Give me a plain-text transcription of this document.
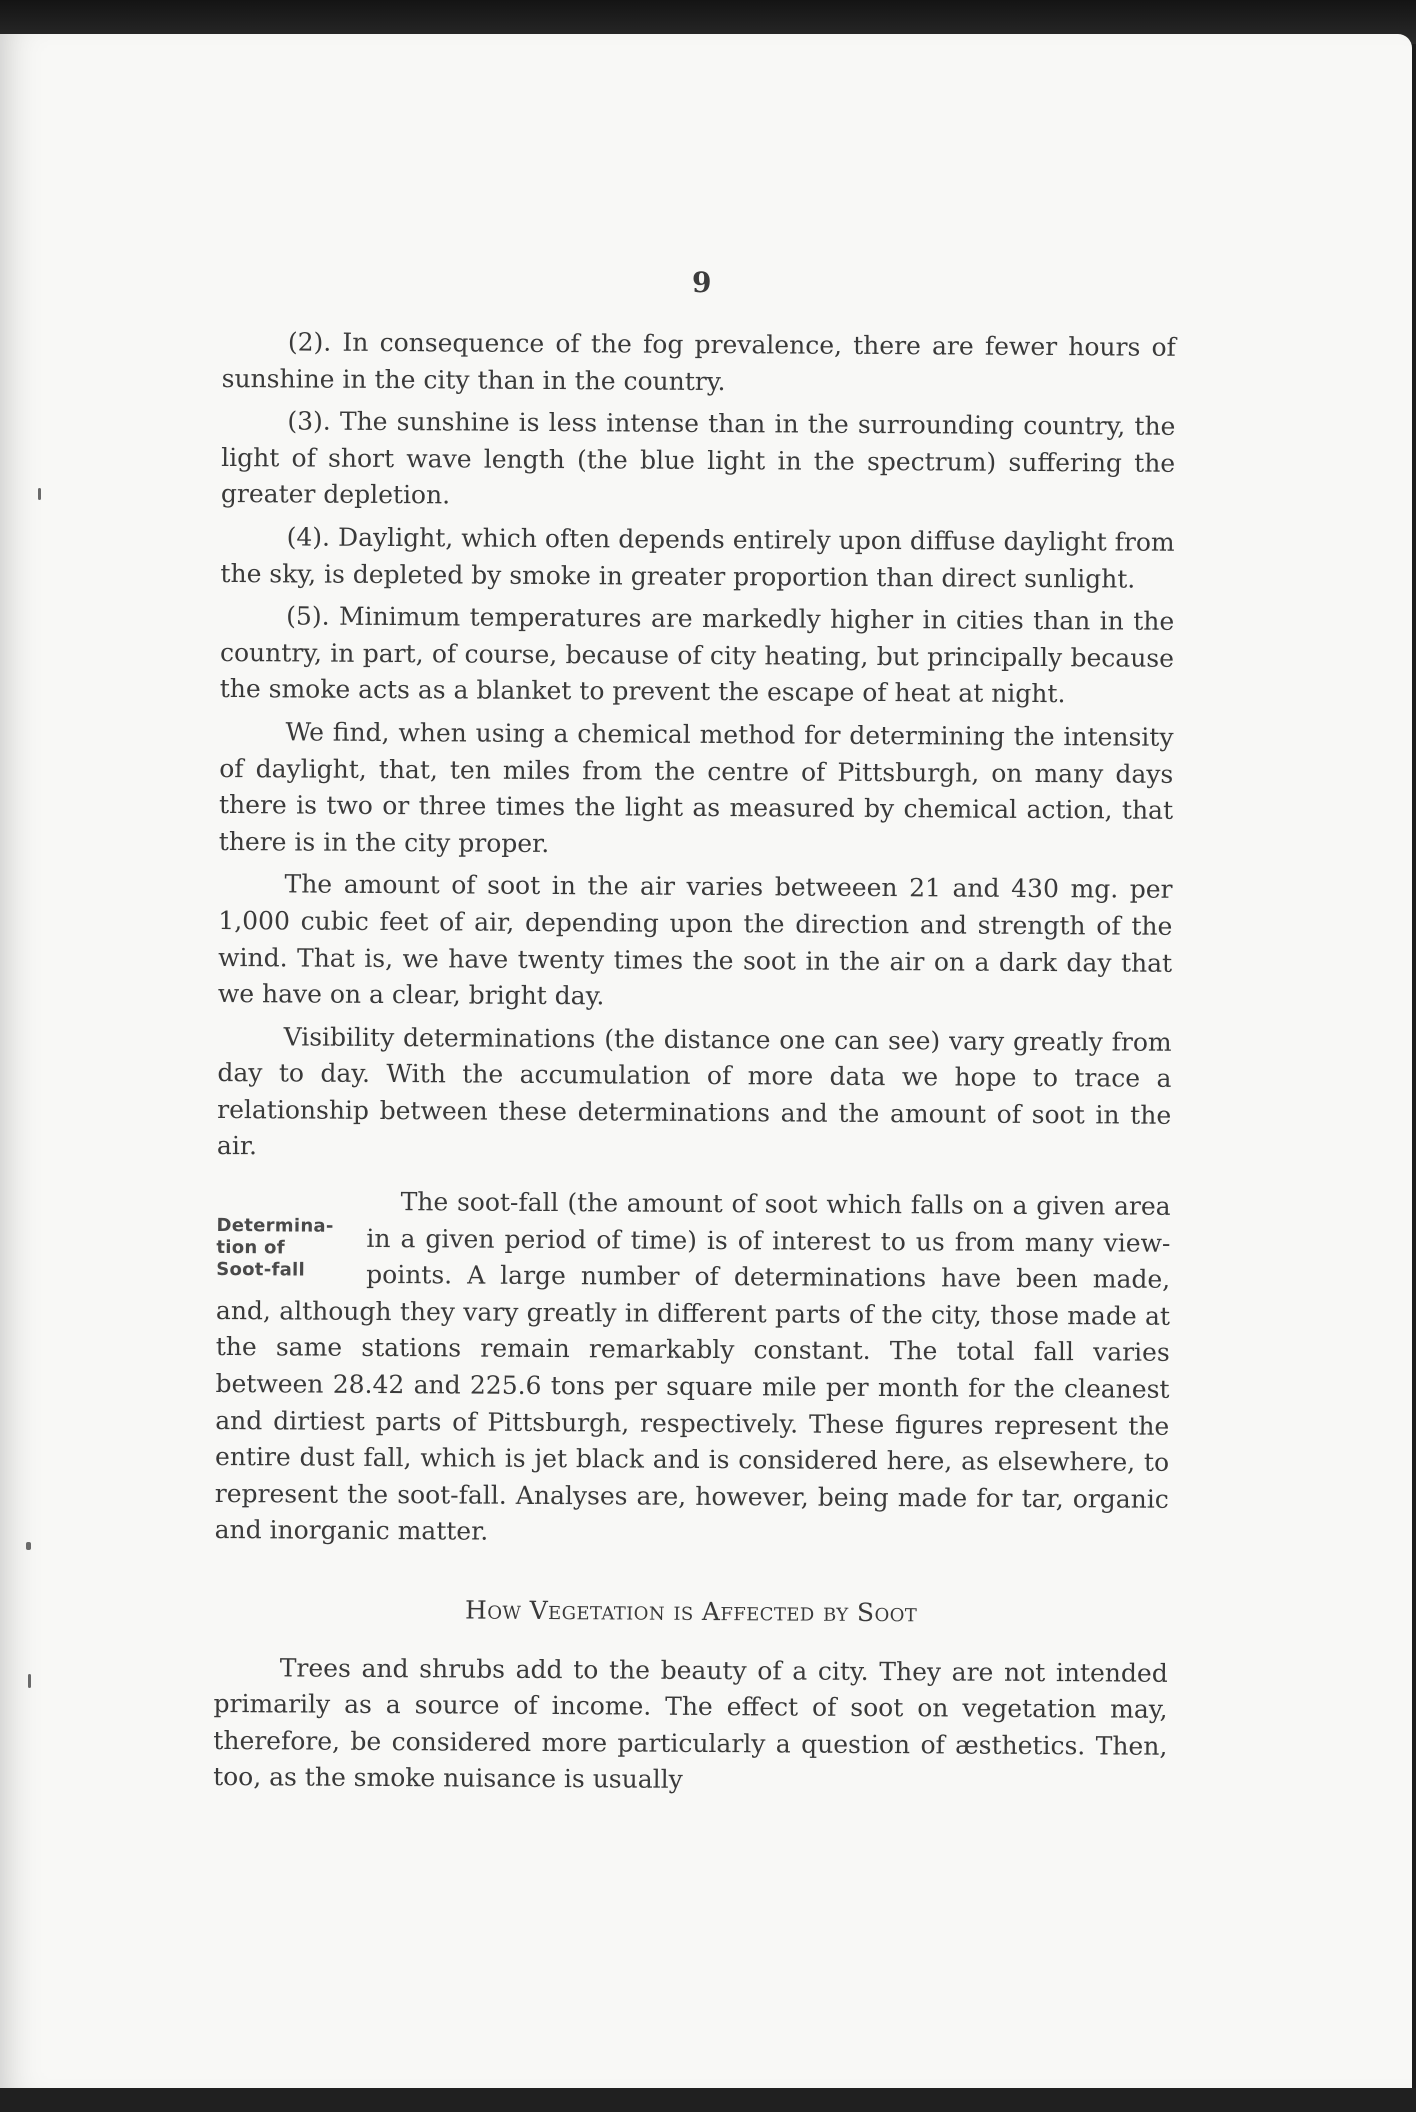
9

(2). In consequence of the fog prevalence, there are fewer hours of sunshine in the city than in the country.

(3). The sunshine is less intense than in the surrounding country, the light of short wave length (the blue light in the spectrum) suffering the greater depletion.

(4). Daylight, which often depends entirely upon diffuse daylight from the sky, is depleted by smoke in greater proportion than direct sunlight.

(5). Minimum temperatures are markedly higher in cities than in the country, in part, of course, because of city heating, but principally because the smoke acts as a blanket to prevent the escape of heat at night.

We find, when using a chemical method for determining the intensity of daylight, that, ten miles from the centre of Pittsburgh, on many days there is two or three times the light as measured by chemical action, that there is in the city proper.

The amount of soot in the air varies betweeen 21 and 430 mg. per 1,000 cubic feet of air, depending upon the direction and strength of the wind. That is, we have twenty times the soot in the air on a dark day that we have on a clear, bright day.

Visibility determinations (the distance one can see) vary greatly from day to day. With the accumulation of more data we hope to trace a relationship between these determinations and the amount of soot in the air.

Determina-
tion of
Soot-fall

The soot-fall (the amount of soot which falls on a given area in a given period of time) is of interest to us from many view-points. A large number of determinations have been made, and, although they vary greatly in different parts of the city, those made at the same stations remain remarkably constant. The total fall varies between 28.42 and 225.6 tons per square mile per month for the cleanest and dirtiest parts of Pittsburgh, respectively. These figures represent the entire dust fall, which is jet black and is considered here, as elsewhere, to represent the soot-fall. Analyses are, however, being made for tar, organic and inorganic matter.

How Vegetation is Affected by Soot

Trees and shrubs add to the beauty of a city. They are not intended primarily as a source of income. The effect of soot on vegetation may, therefore, be considered more particularly a question of æsthetics. Then, too, as the smoke nuisance is usually
